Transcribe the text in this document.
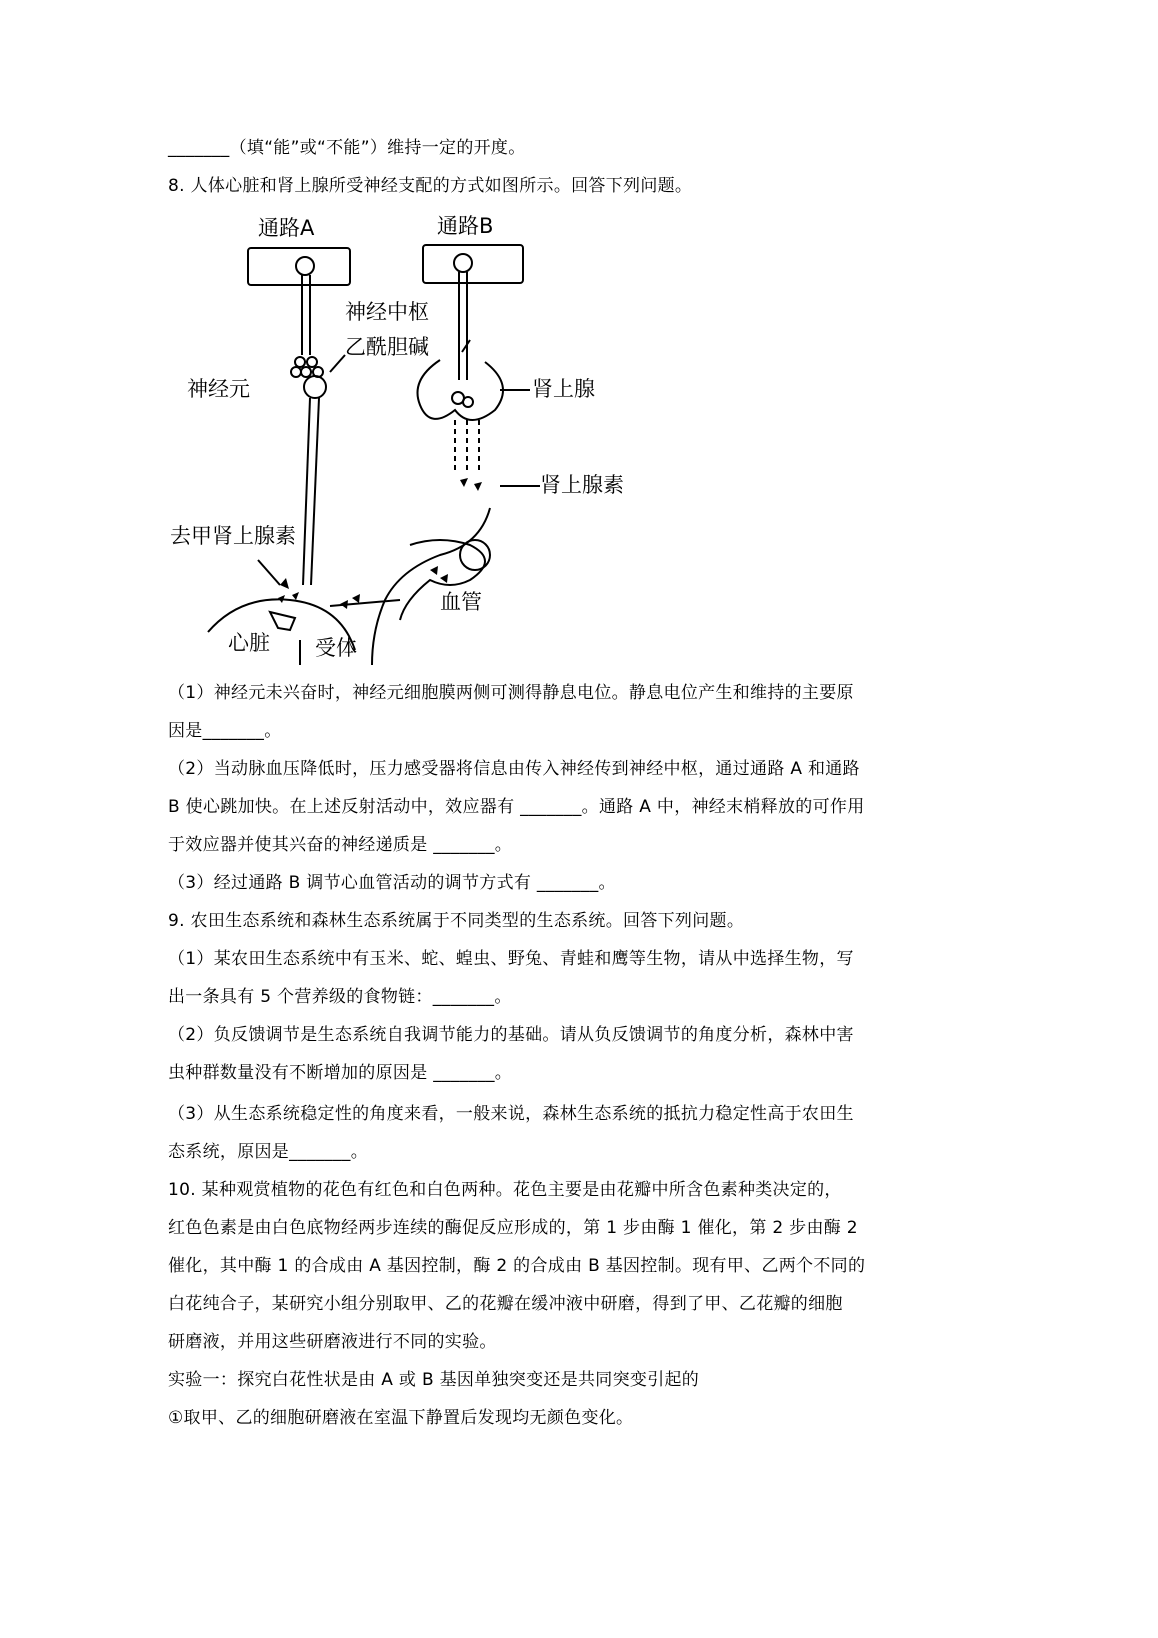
_______（填“能”或“不能”）维持一定的开度。
8. 人体心脏和肾上腺所受神经支配的方式如图所示。回答下列问题。
通路A	通路B
神经中枢
乙酰胆碱
神经元	肾上腺
肾上腺素
去甲肾上腺素
血管
心脏 受体
（1）神经元未兴奋时，神经元细胞膜两侧可测得静息电位。静息电位产生和维持的主要原
因是_______。
（2）当动脉血压降低时，压力感受器将信息由传入神经传到神经中枢，通过通路 A 和通路
B 使心跳加快。在上述反射活动中，效应器有 _______。通路 A 中，神经末梢释放的可作用
于效应器并使其兴奋的神经递质是 _______。
（3）经过通路 B 调节心血管活动的调节方式有 _______。
9. 农田生态系统和森林生态系统属于不同类型的生态系统。回答下列问题。
（1）某农田生态系统中有玉米、蛇、蝗虫、野兔、青蛙和鹰等生物，请从中选择生物，写
出一条具有 5 个营养级的食物链：_______。
（2）负反馈调节是生态系统自我调节能力的基础。请从负反馈调节的角度分析，森林中害
虫种群数量没有不断增加的原因是 _______。
（3）从生态系统稳定性的角度来看，一般来说，森林生态系统的抵抗力稳定性高于农田生
态系统，原因是_______。
10. 某种观赏植物的花色有红色和白色两种。花色主要是由花瓣中所含色素种类决定的，
红色色素是由白色底物经两步连续的酶促反应形成的，第 1 步由酶 1 催化，第 2 步由酶 2
催化，其中酶 1 的合成由 A 基因控制，酶 2 的合成由 B 基因控制。现有甲、乙两个不同的
白花纯合子，某研究小组分别取甲、乙的花瓣在缓冲液中研磨，得到了甲、乙花瓣的细胞
研磨液，并用这些研磨液进行不同的实验。
实验一：探究白花性状是由 A 或 B 基因单独突变还是共同突变引起的
①取甲、乙的细胞研磨液在室温下静置后发现均无颜色变化。
